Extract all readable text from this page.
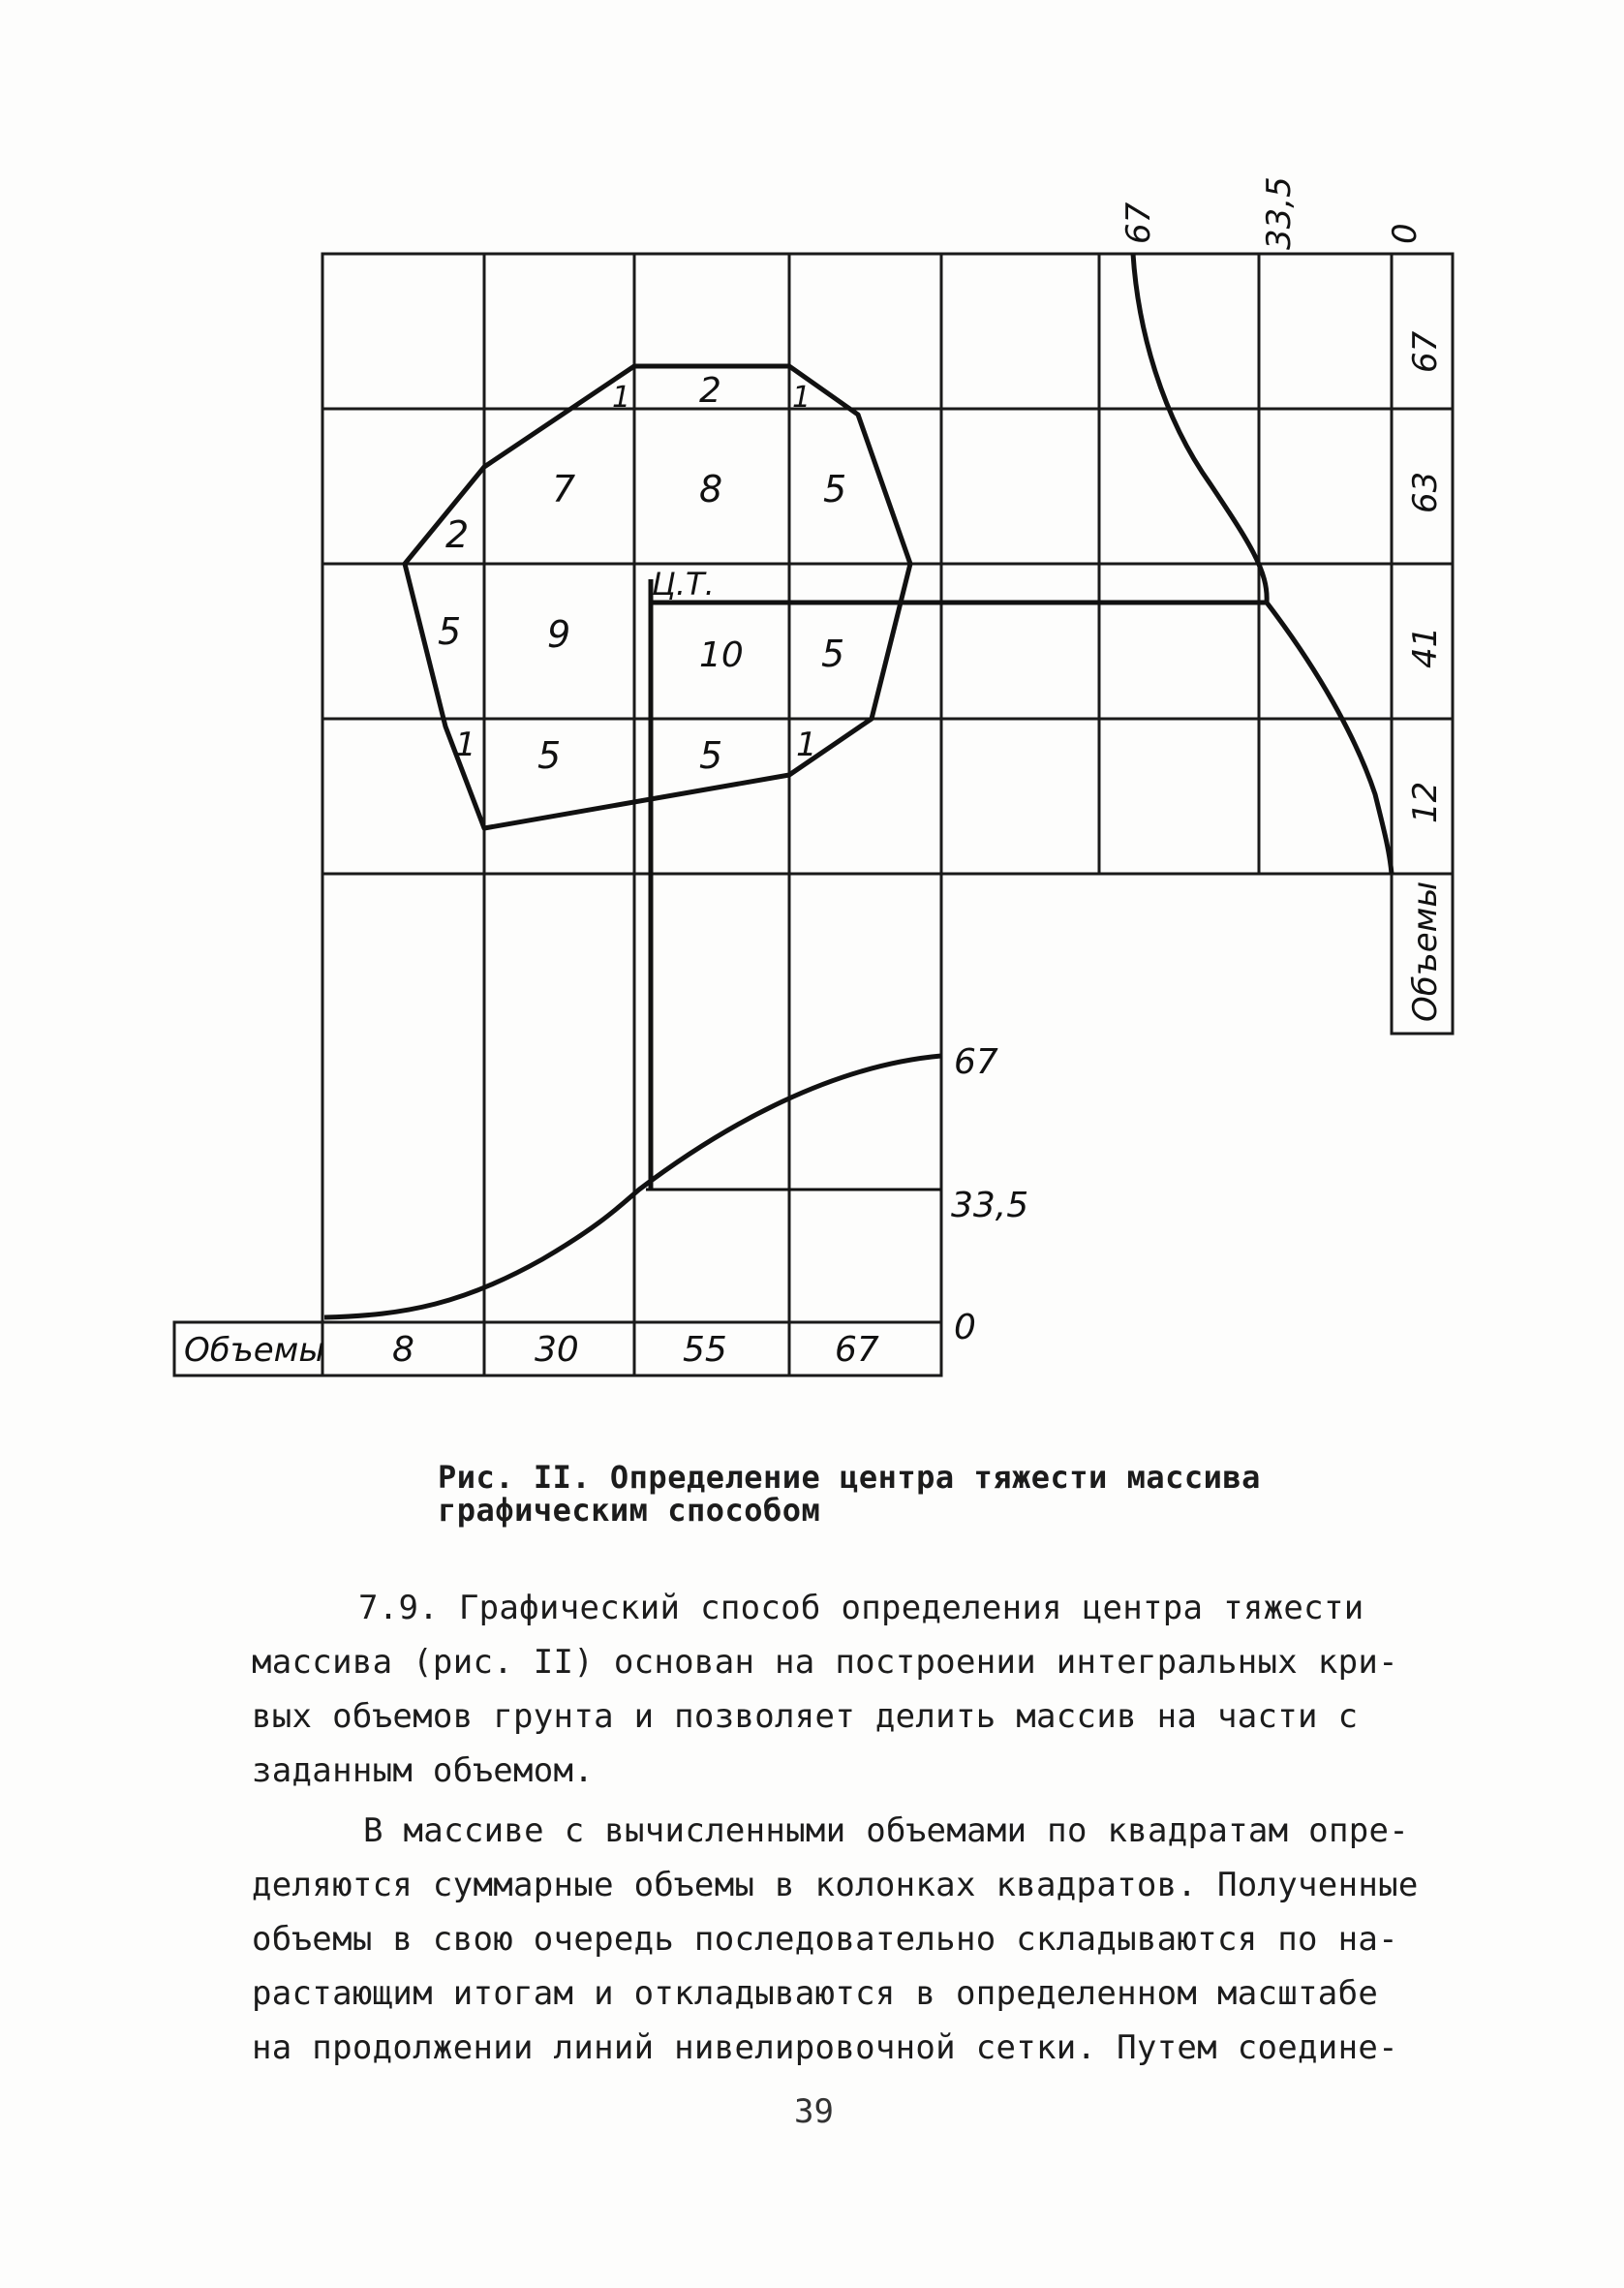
Объемы 8	30	55	67
67
33,5
0
Объемы
67
63
41
12
67	33,5	0
Ц.Т.
1 2 1
7	8	5
2
5 9	10 5
1 5	5 1
Рис. II. Определение центра тяжести массива
графическим способом
7.9. Графический способ определения центра тяжести
массива (рис. II) основан на построении интегральных кри-
вых объемов грунта и позволяет делить массив на части с
заданным объемом.
В массиве с вычисленными объемами по квадратам опре-
деляются суммарные объемы в колонках квадратов. Полученные
объемы в свою очередь последовательно складываются по на-
растающим итогам и откладываются в определенном масштабе
на продолжении линий нивелировочной сетки. Путем соедине-
39
